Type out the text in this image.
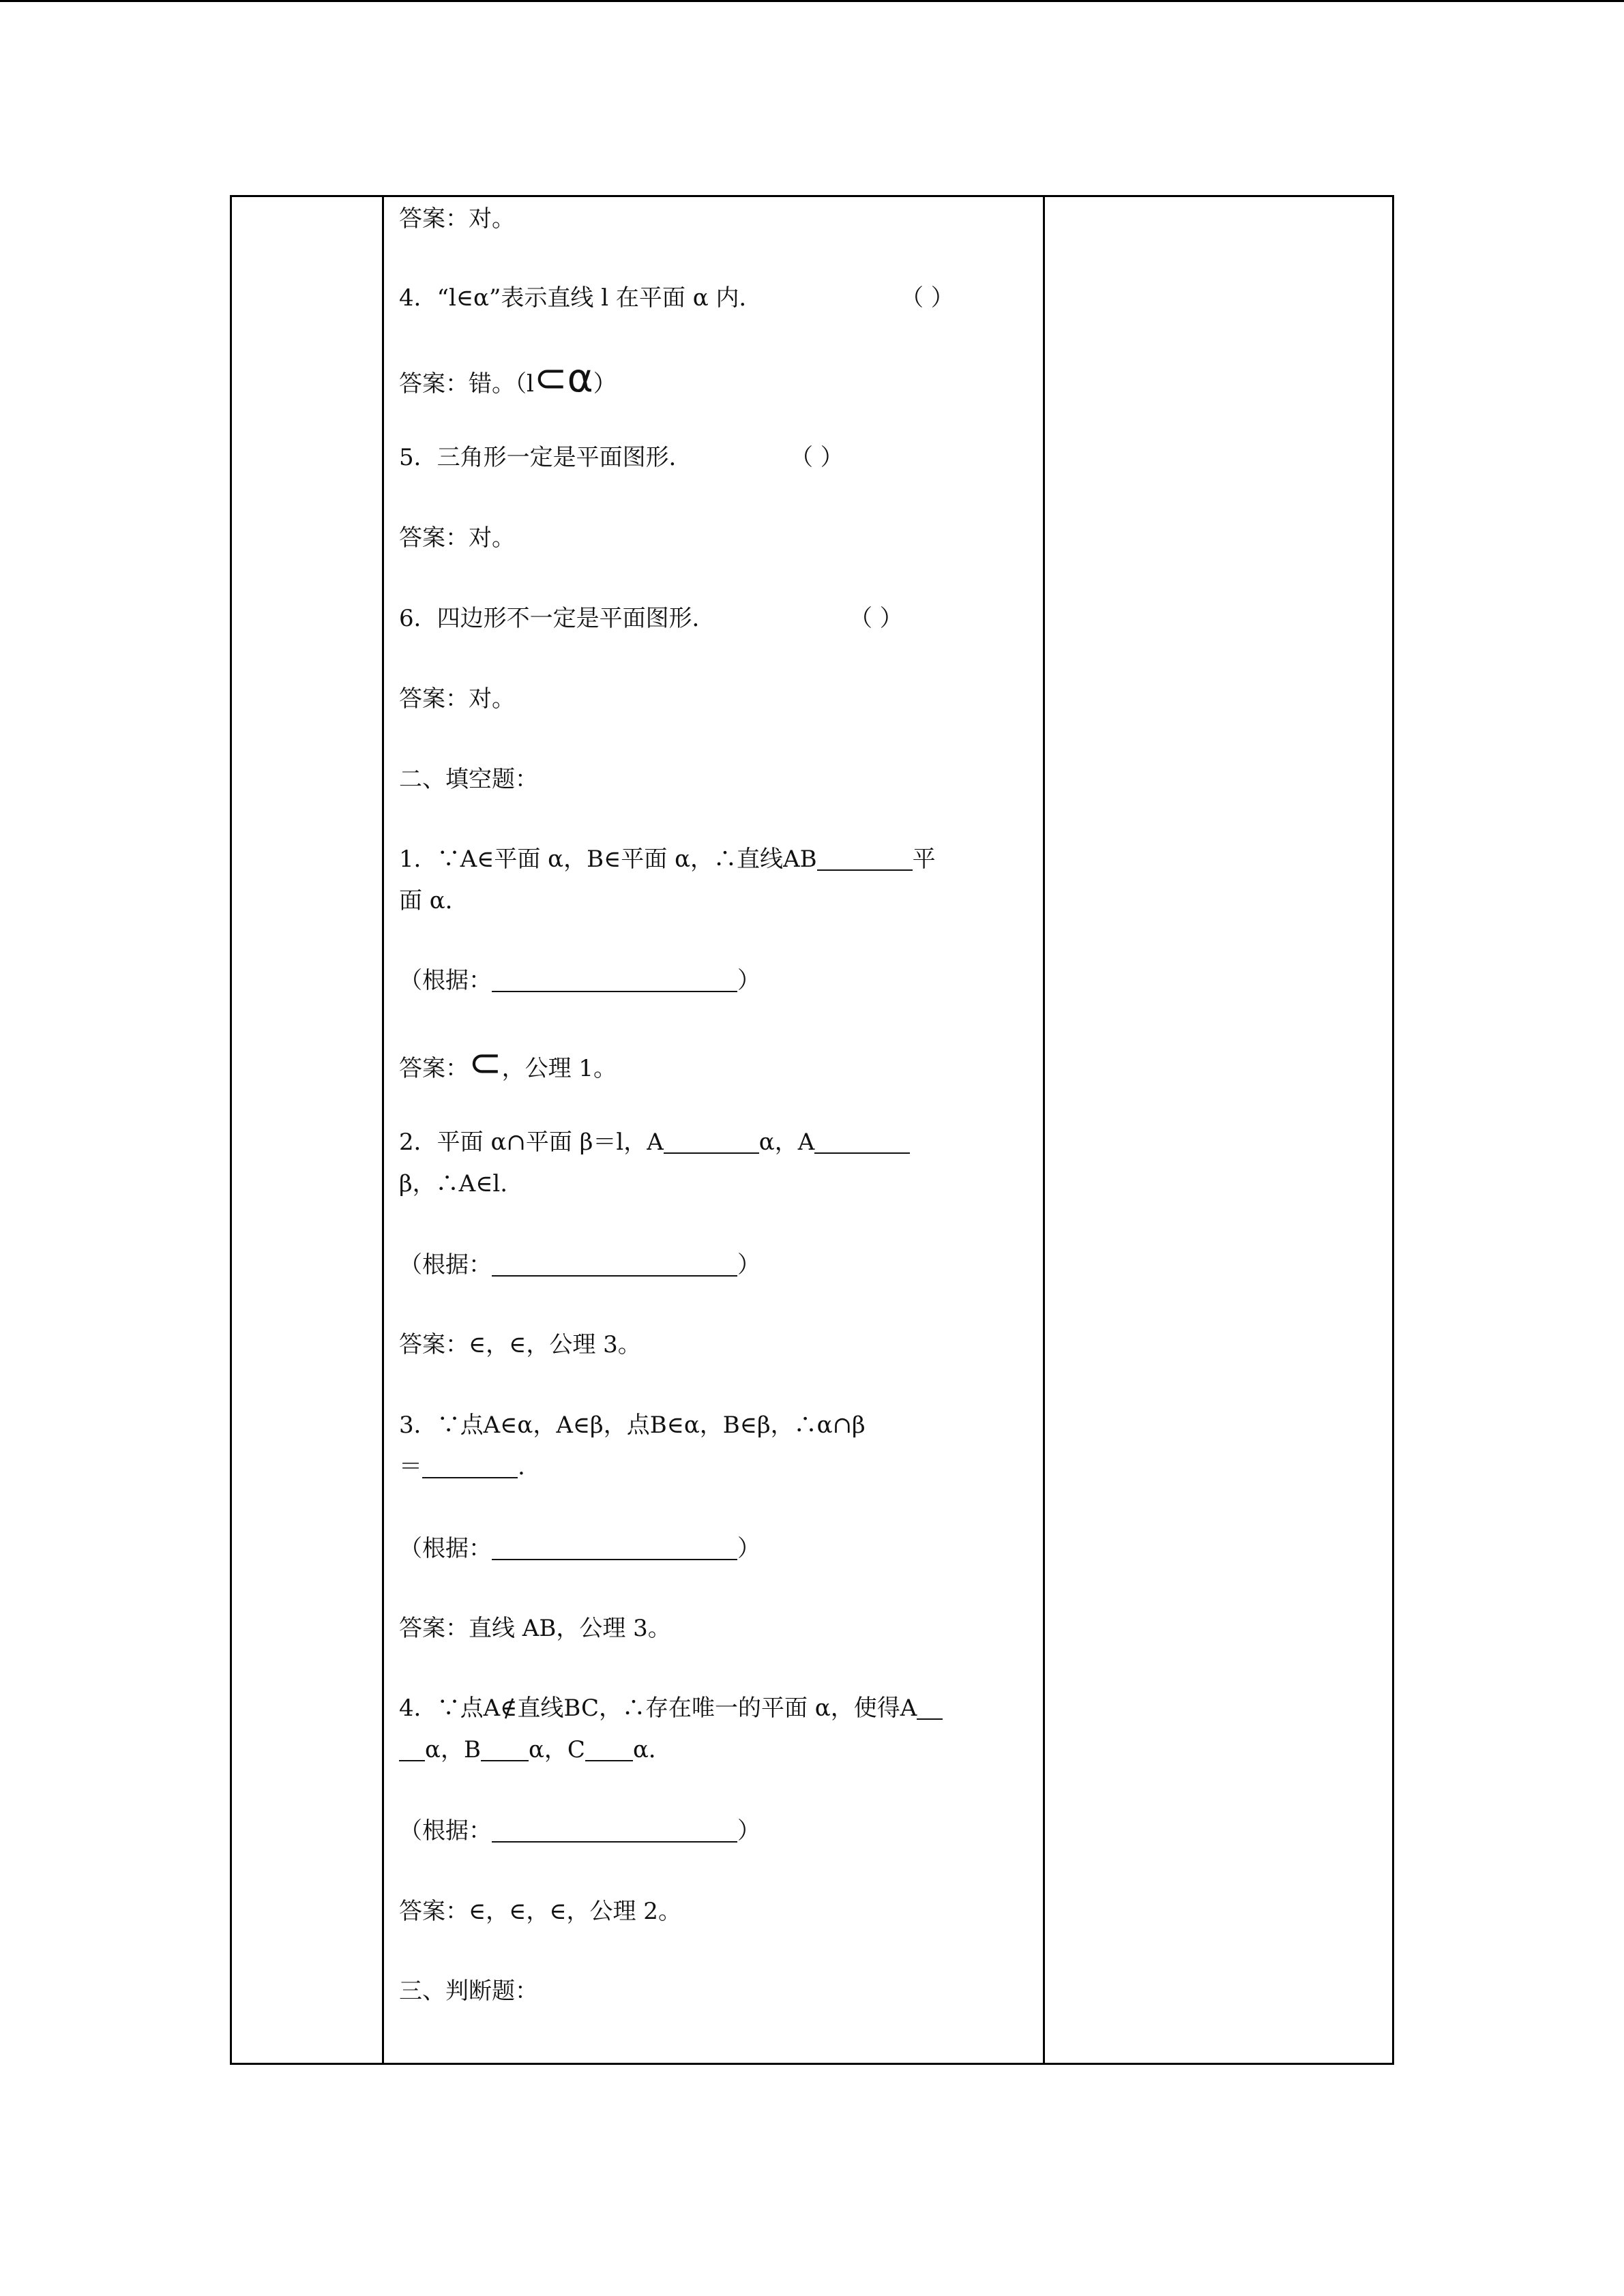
答案：对。
4．“l∈α”表示直线 l 在平面 α 内．	（ ）
答案：错。（l⊂α）
5．三角形一定是平面图形．	（ ）
答案：对。
6．四边形不一定是平面图形．	（ ）
答案：对。
二、填空题：
1．∵A∈平面 α，B∈平面 α，∴直线AB	平
面 α．
（根据：	）
答案：⊂，公理 1。
2．平面 α∩平面 β＝l，A	α，A
β，∴A∈l.
（根据：	）
答案：∈，∈，公理 3。
3．∵点A∈α，A∈β，点B∈α，B∈β，∴α∩β
＝	.
（根据：	）
答案：直线 AB，公理 3。
4．∵点A∉直线BC，∴存在唯一的平面 α，使得A
α，B α，C α．
（根据：	）
答案：∈，∈，∈，公理 2。
三、判断题：
